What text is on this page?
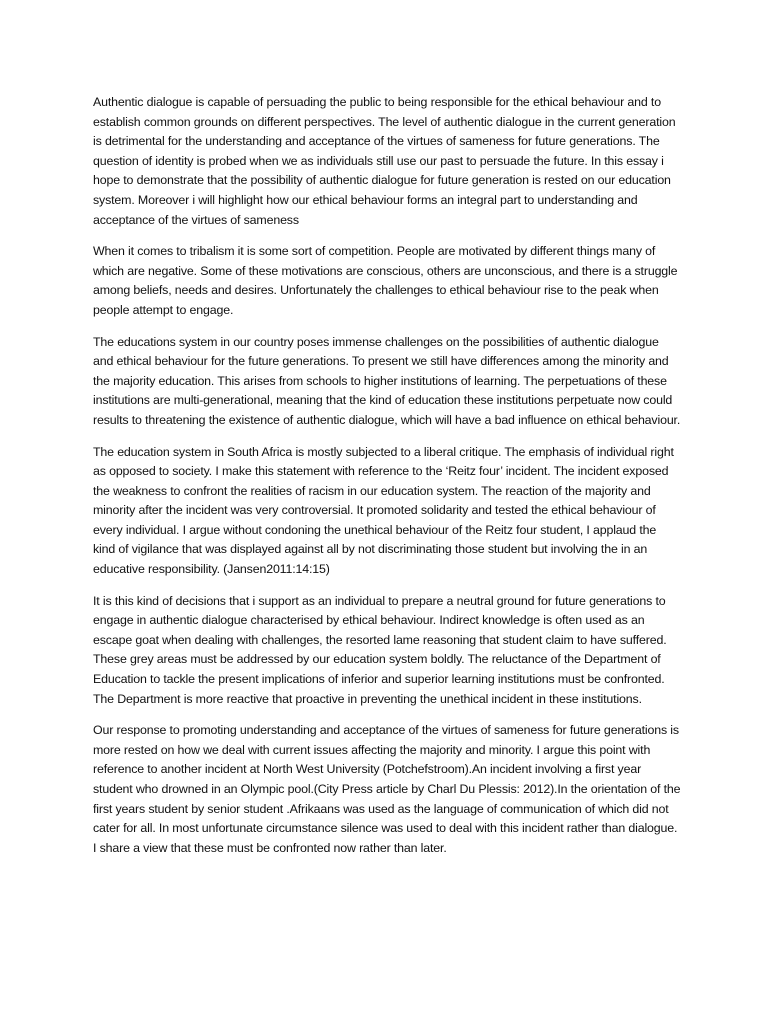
Authentic dialogue is capable of persuading the public to being responsible for the ethical behaviour and to establish common grounds on different perspectives. The level of authentic dialogue in the current generation is detrimental for the understanding and acceptance of the virtues of sameness for future generations. The question of identity is probed when we as individuals still use our past to persuade the future. In this essay i hope to demonstrate that the possibility of authentic dialogue for future generation is rested on our education system. Moreover i will highlight how our ethical behaviour forms an integral part to understanding and acceptance of the virtues of sameness

When it comes to tribalism it is some sort of competition. People are motivated by different things many of which are negative. Some of these motivations are conscious, others are unconscious, and there is a struggle among beliefs, needs and desires. Unfortunately the challenges to ethical behaviour rise to the peak when people attempt to engage.

The educations system in our country poses immense challenges on the possibilities of authentic dialogue and ethical behaviour for the future generations. To present we still have differences among the minority and the majority education. This arises from schools to higher institutions of learning. The perpetuations of these institutions are multi-generational, meaning that the kind of education these institutions perpetuate now could results to threatening the existence of authentic dialogue, which will have a bad influence on ethical behaviour.

The education system in South Africa is mostly subjected to a liberal critique. The emphasis of individual right as opposed to society. I make this statement with reference to the ‘Reitz four’ incident. The incident exposed the weakness to confront the realities of racism in our education system. The reaction of the majority and minority after the incident was very controversial. It promoted solidarity and tested the ethical behaviour of every individual. I argue without condoning the unethical behaviour of the Reitz four student, I applaud the kind of vigilance that was displayed against all by not discriminating those student but involving the in an educative responsibility. (Jansen2011:14:15)

It is this kind of decisions that i support as an individual to prepare a neutral ground for future generations to engage in authentic dialogue characterised by ethical behaviour. Indirect knowledge is often used as an escape goat when dealing with challenges, the resorted lame reasoning that student claim to have suffered. These grey areas must be addressed by our education system boldly. The reluctance of the Department of Education to tackle the present implications of inferior and superior learning institutions must be confronted. The Department is more reactive that proactive in preventing the unethical incident in these institutions.

Our response to promoting understanding and acceptance of the virtues of sameness for future generations is more rested on how we deal with current issues affecting the majority and minority. I argue this point with reference to another incident at North West University (Potchefstroom).An incident involving a first year student who drowned in an Olympic pool.(City Press article by Charl Du Plessis: 2012).In the orientation of the first years student by senior student .Afrikaans was used as the language of communication of which did not cater for all. In most unfortunate circumstance silence was used to deal with this incident rather than dialogue. I share a view that these must be confronted now rather than later.
